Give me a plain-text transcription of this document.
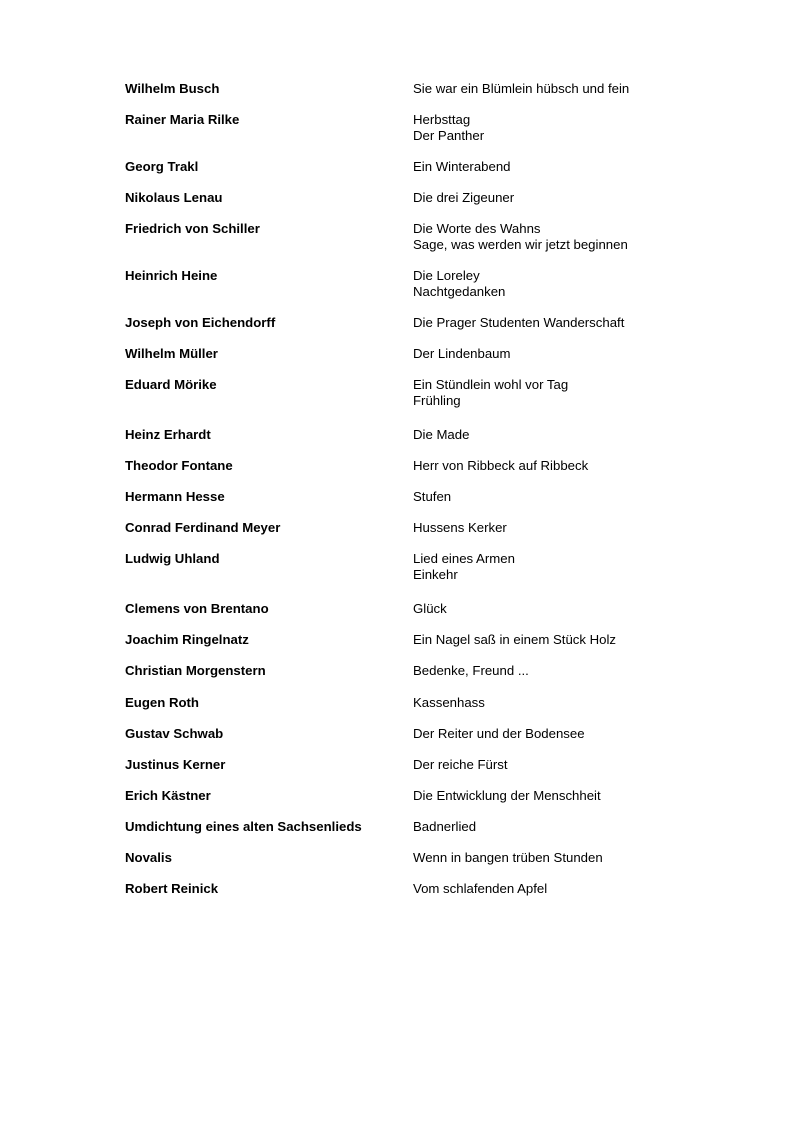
Wilhelm Busch	Sie war ein Blümlein hübsch und fein
Rainer Maria Rilke	Herbsttag
Der Panther
Georg Trakl	Ein Winterabend
Nikolaus Lenau	Die drei Zigeuner
Friedrich von Schiller	Die Worte des Wahns
Sage, was werden wir jetzt beginnen
Heinrich Heine	Die Loreley
Nachtgedanken
Joseph von Eichendorff	Die Prager Studenten Wanderschaft
Wilhelm Müller	Der Lindenbaum
Eduard Mörike	Ein Stündlein wohl vor Tag
Frühling
Heinz Erhardt	Die Made
Theodor Fontane	Herr von Ribbeck auf Ribbeck
Hermann Hesse	Stufen
Conrad Ferdinand Meyer	Hussens Kerker
Ludwig Uhland	Lied eines Armen
Einkehr
Clemens von Brentano	Glück
Joachim Ringelnatz	Ein Nagel saß in einem Stück Holz
Christian Morgenstern	Bedenke, Freund ...
Eugen Roth	Kassenhass
Gustav Schwab	Der Reiter und der Bodensee
Justinus Kerner	Der reiche Fürst
Erich Kästner	Die Entwicklung der Menschheit
Umdichtung eines alten Sachsenlieds	Badnerlied
Novalis	Wenn in bangen trüben Stunden
Robert Reinick	Vom schlafenden Apfel
